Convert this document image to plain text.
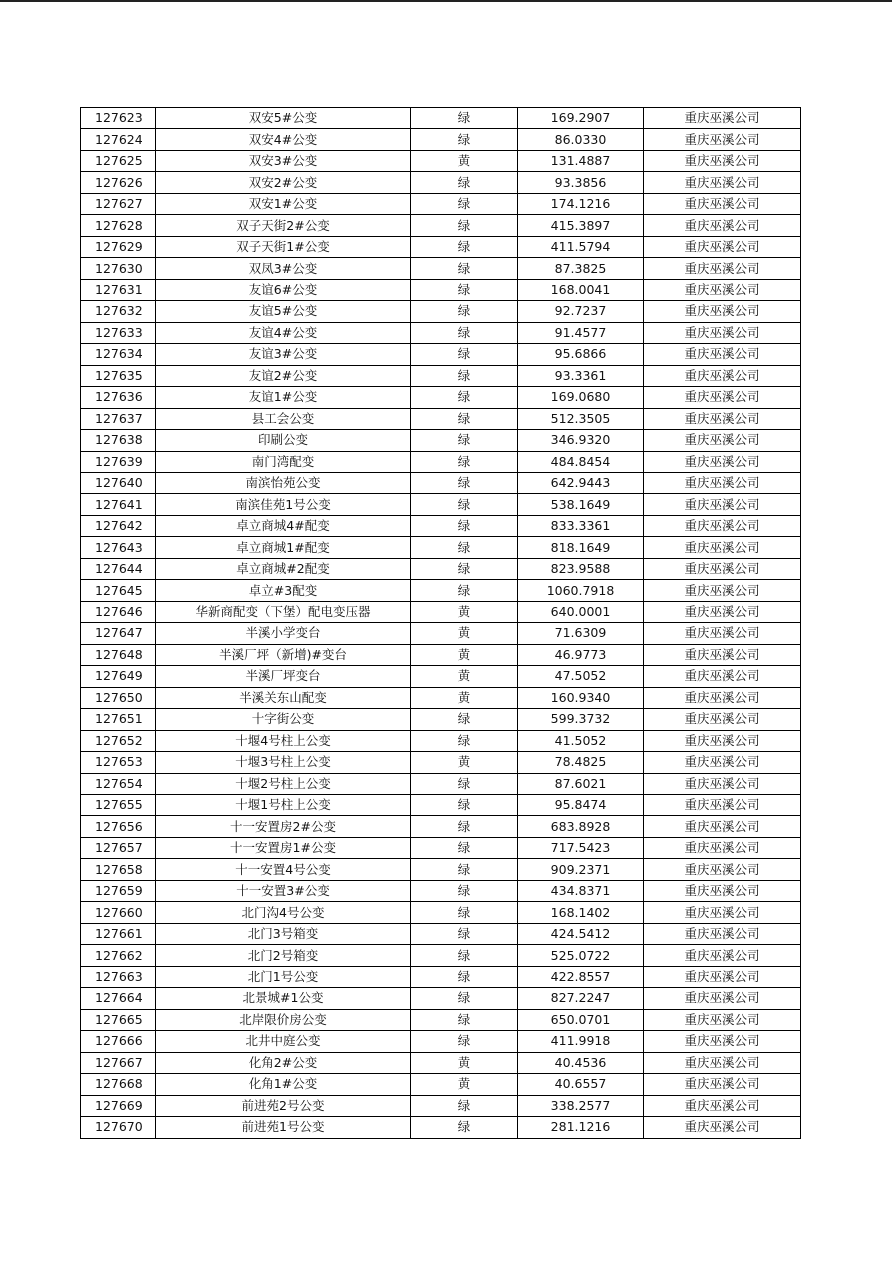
127623	双安5#公变	绿	169.2907	重庆巫溪公司
127624	双安4#公变	绿	86.0330	重庆巫溪公司
127625	双安3#公变	黄	131.4887	重庆巫溪公司
127626	双安2#公变	绿	93.3856	重庆巫溪公司
127627	双安1#公变	绿	174.1216	重庆巫溪公司
127628	双子天街2#公变	绿	415.3897	重庆巫溪公司
127629	双子天街1#公变	绿	411.5794	重庆巫溪公司
127630	双凤3#公变	绿	87.3825	重庆巫溪公司
127631	友谊6#公变	绿	168.0041	重庆巫溪公司
127632	友谊5#公变	绿	92.7237	重庆巫溪公司
127633	友谊4#公变	绿	91.4577	重庆巫溪公司
127634	友谊3#公变	绿	95.6866	重庆巫溪公司
127635	友谊2#公变	绿	93.3361	重庆巫溪公司
127636	友谊1#公变	绿	169.0680	重庆巫溪公司
127637	县工会公变	绿	512.3505	重庆巫溪公司
127638	印刷公变	绿	346.9320	重庆巫溪公司
127639	南门湾配变	绿	484.8454	重庆巫溪公司
127640	南滨怡苑公变	绿	642.9443	重庆巫溪公司
127641	南滨佳苑1号公变	绿	538.1649	重庆巫溪公司
127642	卓立商城4#配变	绿	833.3361	重庆巫溪公司
127643	卓立商城1#配变	绿	818.1649	重庆巫溪公司
127644	卓立商城#2配变	绿	823.9588	重庆巫溪公司
127645	卓立#3配变	绿	1060.7918	重庆巫溪公司
127646	华新商配变（下堡）配电变压器	黄	640.0001	重庆巫溪公司
127647	半溪小学变台	黄	71.6309	重庆巫溪公司
127648	半溪厂坪（新增)#变台	黄	46.9773	重庆巫溪公司
127649	半溪厂坪变台	黄	47.5052	重庆巫溪公司
127650	半溪关东山配变	黄	160.9340	重庆巫溪公司
127651	十字街公变	绿	599.3732	重庆巫溪公司
127652	十堰4号柱上公变	绿	41.5052	重庆巫溪公司
127653	十堰3号柱上公变	黄	78.4825	重庆巫溪公司
127654	十堰2号柱上公变	绿	87.6021	重庆巫溪公司
127655	十堰1号柱上公变	绿	95.8474	重庆巫溪公司
127656	十一安置房2#公变	绿	683.8928	重庆巫溪公司
127657	十一安置房1#公变	绿	717.5423	重庆巫溪公司
127658	十一安置4号公变	绿	909.2371	重庆巫溪公司
127659	十一安置3#公变	绿	434.8371	重庆巫溪公司
127660	北门沟4号公变	绿	168.1402	重庆巫溪公司
127661	北门3号箱变	绿	424.5412	重庆巫溪公司
127662	北门2号箱变	绿	525.0722	重庆巫溪公司
127663	北门1号公变	绿	422.8557	重庆巫溪公司
127664	北景城#1公变	绿	827.2247	重庆巫溪公司
127665	北岸限价房公变	绿	650.0701	重庆巫溪公司
127666	北井中庭公变	绿	411.9918	重庆巫溪公司
127667	化角2#公变	黄	40.4536	重庆巫溪公司
127668	化角1#公变	黄	40.6557	重庆巫溪公司
127669	前进苑2号公变	绿	338.2577	重庆巫溪公司
127670	前进苑1号公变	绿	281.1216	重庆巫溪公司
